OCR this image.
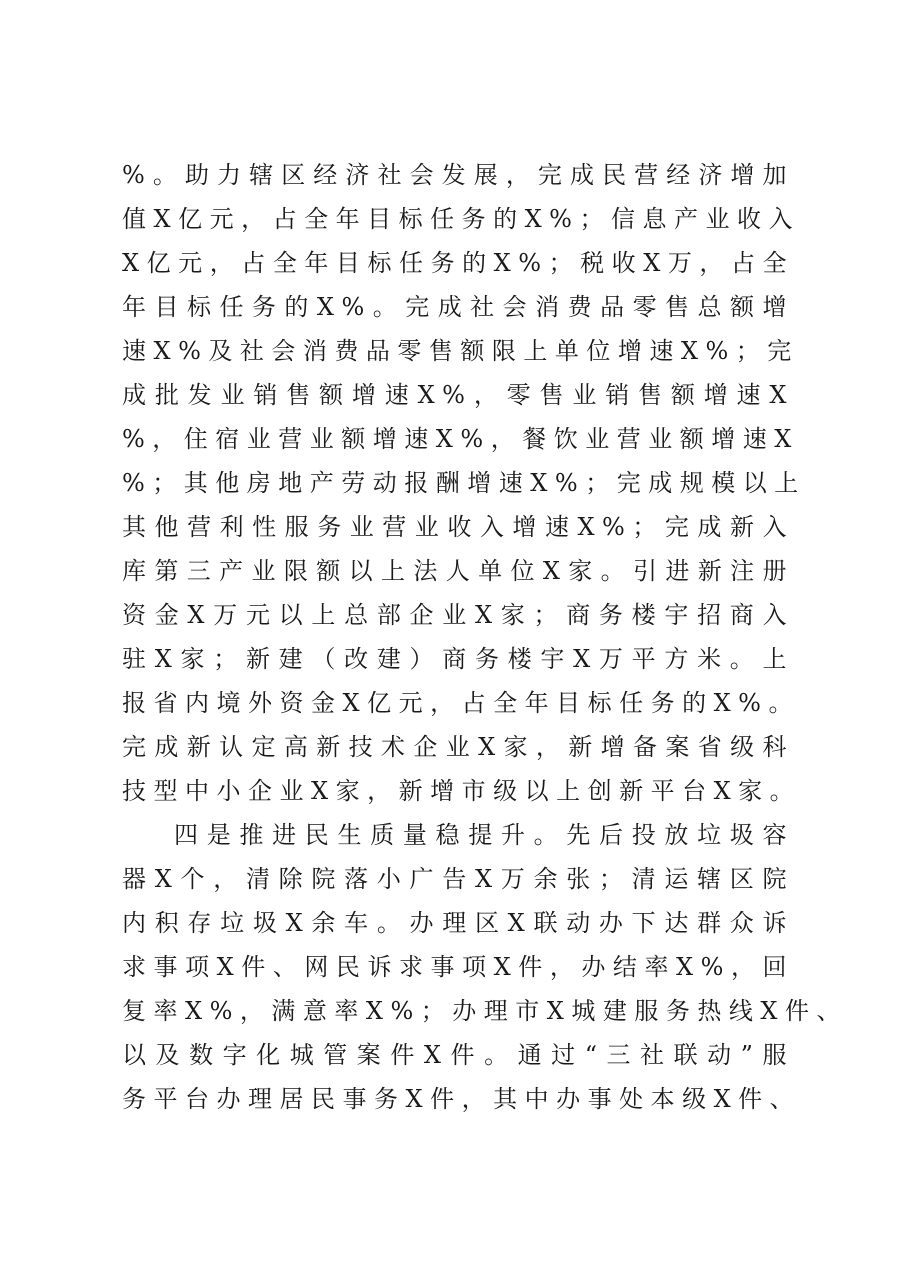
%。助力辖区经济社会发展，完成民营经济增加
值X亿元，占全年目标任务的X%；信息产业收入
X亿元，占全年目标任务的X%；税收X万，占全
年目标任务的X%。完成社会消费品零售总额增
速X%及社会消费品零售额限上单位增速X%；完
成批发业销售额增速X%，零售业销售额增速X
%，住宿业营业额增速X%，餐饮业营业额增速X
%；其他房地产劳动报酬增速X%；完成规模以上
其他营利性服务业营业收入增速X%；完成新入
库第三产业限额以上法人单位X家。引进新注册
资金X万元以上总部企业X家；商务楼宇招商入
驻X家；新建（改建）商务楼宇X万平方米。上
报省内境外资金X亿元，占全年目标任务的X%。
完成新认定高新技术企业X家，新增备案省级科
技型中小企业X家，新增市级以上创新平台X家。
四是推进民生质量稳提升。先后投放垃圾容
器X个，清除院落小广告X万余张；清运辖区院
内积存垃圾X余车。办理区X联动办下达群众诉
求事项X件、网民诉求事项X件，办结率X%，回
复率X%，满意率X%；办理市X城建服务热线X件、
以及数字化城管案件X件。通过“三社联动”服
务平台办理居民事务X件，其中办事处本级X件、
